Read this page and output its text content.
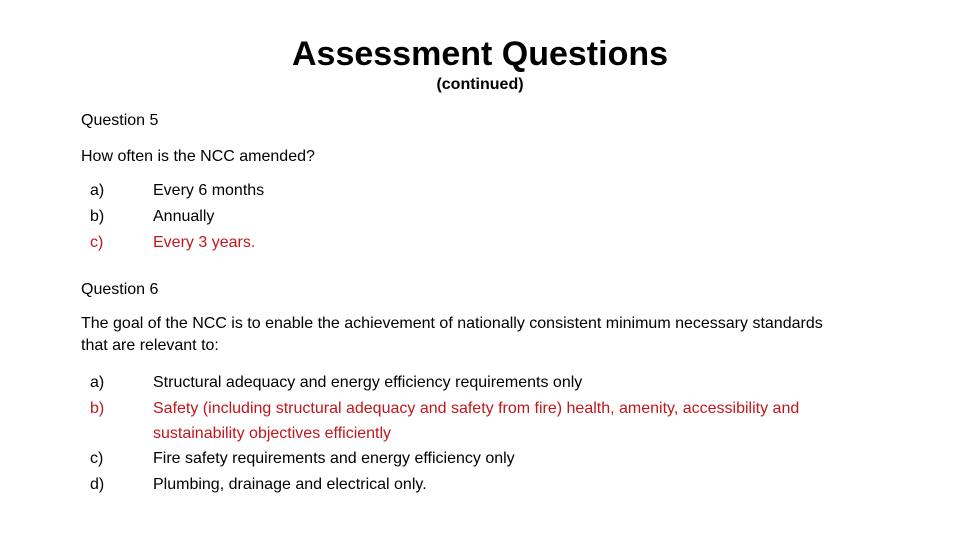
Assessment Questions
(continued)
Question 5
How often is the NCC amended?
a)	Every 6 months
b)	Annually
c)	Every 3 years.
Question 6
The goal of the NCC is to enable the achievement of nationally consistent minimum necessary standards that are relevant to:
a)	Structural adequacy and energy efficiency requirements only
b)	Safety (including structural adequacy and safety from fire) health, amenity, accessibility and sustainability objectives efficiently
c)	Fire safety requirements and energy efficiency only
d)	Plumbing, drainage and electrical only.
